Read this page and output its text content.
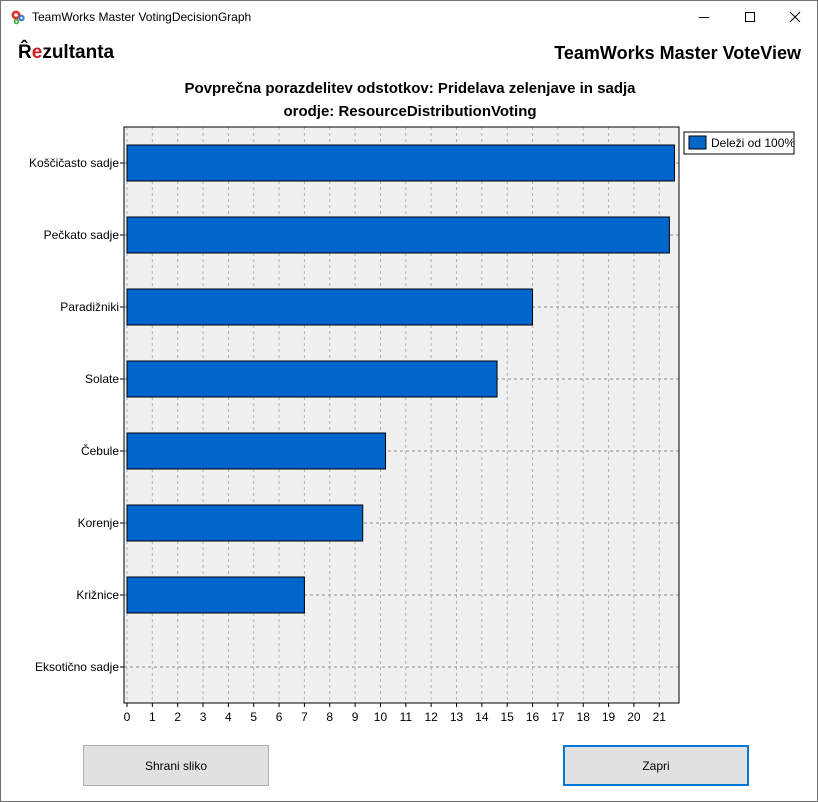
TeamWorks Master VotingDecisionGraph
R̂ezultanta	TeamWorks Master VoteView
Povprečna porazdelitev odstotkov: Pridelava zelenjave in sadja
orodje: ResourceDistributionVoting
Koščičasto sadje
Pečkato sadje
Paradižniki
Solate
Čebule
Korenje
Križnice
Eksotično sadje
0 1 2 3 4 5 6 7 8 9 10 11 12 13 14 15 16 17 18 19 20 21
Deleži od 100%
Shrani sliko	Zapri
